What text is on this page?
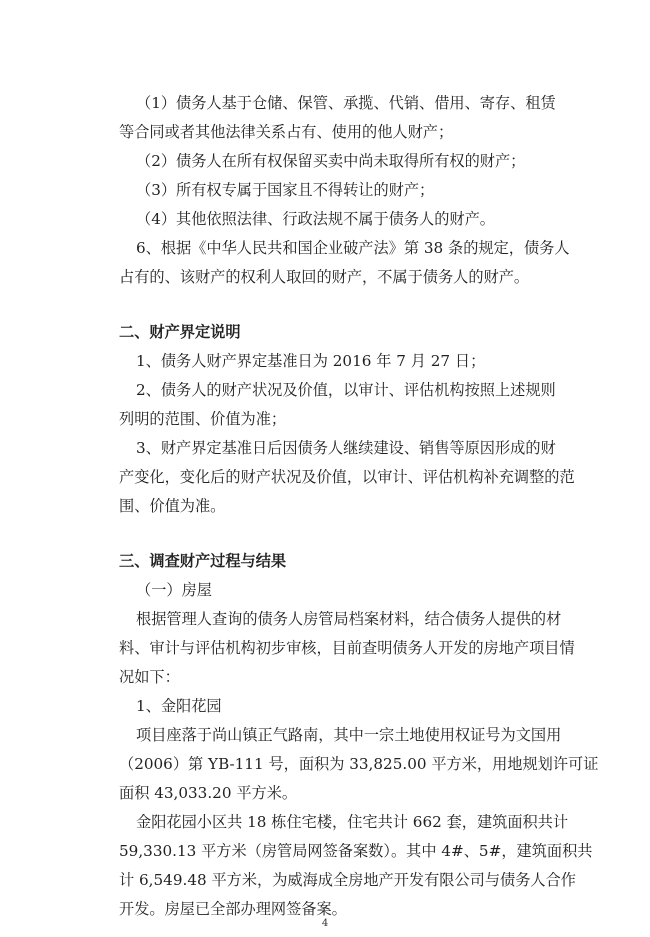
（1）债务人基于仓储、保管、承揽、代销、借用、寄存、租赁
等合同或者其他法律关系占有、使用的他人财产；
（2）债务人在所有权保留买卖中尚未取得所有权的财产；
（3）所有权专属于国家且不得转让的财产；
（4）其他依照法律、行政法规不属于债务人的财产。
6、根据《中华人民共和国企业破产法》第 38 条的规定，债务人
占有的、该财产的权利人取回的财产，不属于债务人的财产。
二、财产界定说明
1、债务人财产界定基准日为 2016 年 7 月 27 日；
2、债务人的财产状况及价值，以审计、评估机构按照上述规则
列明的范围、价值为准；
3、财产界定基准日后因债务人继续建设、销售等原因形成的财
产变化，变化后的财产状况及价值，以审计、评估机构补充调整的范
围、价值为准。
三、调查财产过程与结果
（一）房屋
根据管理人查询的债务人房管局档案材料，结合债务人提供的材
料、审计与评估机构初步审核，目前查明债务人开发的房地产项目情
况如下：
1、金阳花园
项目座落于尚山镇正气路南，其中一宗土地使用权证号为文国用
（2006）第 YB-111 号，面积为 33,825.00 平方米，用地规划许可证
面积 43,033.20 平方米。
金阳花园小区共 18 栋住宅楼，住宅共计 662 套，建筑面积共计
59,330.13 平方米（房管局网签备案数）。其中 4#、5#，建筑面积共
计 6,549.48 平方米，为威海成全房地产开发有限公司与债务人合作
开发。房屋已全部办理网签备案。
4
